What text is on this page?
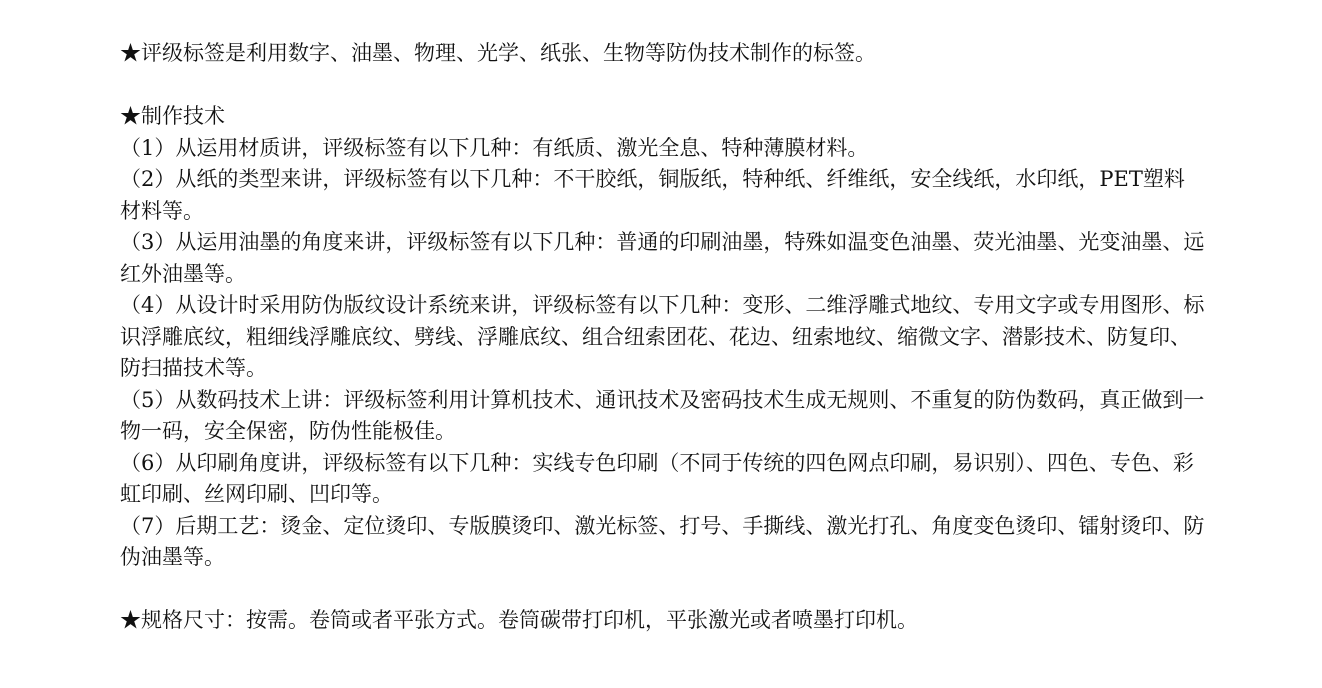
★评级标签是利用数字、油墨、物理、光学、纸张、生物等防伪技术制作的标签。

★制作技术

（1）从运用材质讲，评级标签有以下几种：有纸质、激光全息、特种薄膜材料。

（2）从纸的类型来讲，评级标签有以下几种：不干胶纸，铜版纸，特种纸、纤维纸，安全线纸，水印纸，PET塑料材料等。

（3）从运用油墨的角度来讲，评级标签有以下几种：普通的印刷油墨，特殊如温变色油墨、荧光油墨、光变油墨、远红外油墨等。

（4）从设计时采用防伪版纹设计系统来讲，评级标签有以下几种：变形、二维浮雕式地纹、专用文字或专用图形、标识浮雕底纹，粗细线浮雕底纹、劈线、浮雕底纹、组合纽索团花、花边、纽索地纹、缩微文字、潜影技术、防复印、防扫描技术等。

（5）从数码技术上讲：评级标签利用计算机技术、通讯技术及密码技术生成无规则、不重复的防伪数码，真正做到一物一码，安全保密，防伪性能极佳。

（6）从印刷角度讲，评级标签有以下几种：实线专色印刷（不同于传统的四色网点印刷，易识别）、四色、专色、彩虹印刷、丝网印刷、凹印等。

（7）后期工艺：烫金、定位烫印、专版膜烫印、激光标签、打号、手撕线、激光打孔、角度变色烫印、镭射烫印、防伪油墨等。

★规格尺寸：按需。卷筒或者平张方式。卷筒碳带打印机，平张激光或者喷墨打印机。
